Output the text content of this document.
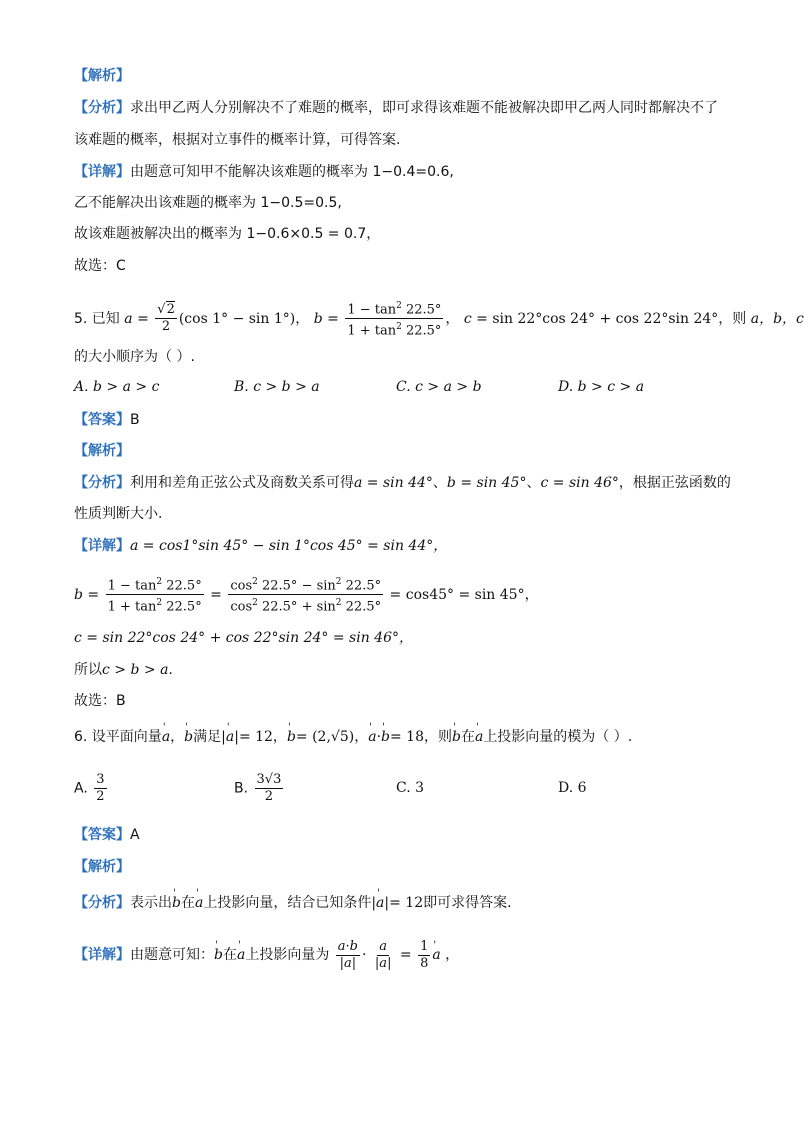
【 解析 】
【 分析 】 求出甲乙两人分别解决不了难题的概率，即可求得该难题不能被解决即甲乙两人同时都解决不了
该难题的概率，根据对立事件的概率计算，可得答案.
【 详解 】 由题意可知甲不能解决该难题的概率为 1−0.4=0.6,
乙不能解决出该难题的概率为 1−0.5=0.5,
故该难题被解决出的概率为 1−0.6×0.5 = 0.7，
故选：C
5. 已知 $a = \frac{√2}{2} (\cos$ 1° − sin 1°)， $b = \frac{1 - \tan^2 22.5^\circ}{1 + \tan^2 22.5^\circ}$ ， c = sin 22°cos 24° + cos 22°sin 24°，则 a，b，c
的大小顺序为（ ）.
A. b > a > c	B. c > b > a	C. c > a > b	D. b > c > a
【 答案 】 B
【 解析 】
【 分析 】 利用和差角正弦公式及商数关系可得a = sin 44°、b = sin 45°、c = sin 46°，根据正弦函数的
性质判断大小.
【 详解 】 a = cos1°sin 45° − sin 1°cos 45° = sin 44°，
$b = \frac{1 - \tan^2 22.5^\circ}{1 + \tan^2 22.5^\circ} = \frac{\cos^2 22.5^\circ - \sin^2 22.5^\circ}{\cos^2 22.5^\circ + \sin^2 22.5^\circ} = \cos 45^\circ = \sin 45^\circ$，
c = sin 22°cos 24° + cos 22°sin 24° = sin 46°，
所以c > b > a.
故选：B
6. 设平面向量' a，' b满足|' a|= 12，' b= (2,√5)，' a·' b= 18，则' b在' a上投影向量的模为（ ）.
A. $\frac{3}{2}$	B. $\frac{3√3}{2}$	C. 3	D. 6
【 答案 】 A
【 解析 】
【 分析 】 表示出' b在' a上投影向量，结合已知条件|' a|= 12即可求得答案.
【 详解 】 由题意可知：' b在' a上投影向量为 $\frac{a\cdot b}{|a|} \cdot \frac{a}{|a|} = \frac{1}{8}$
' a ，
